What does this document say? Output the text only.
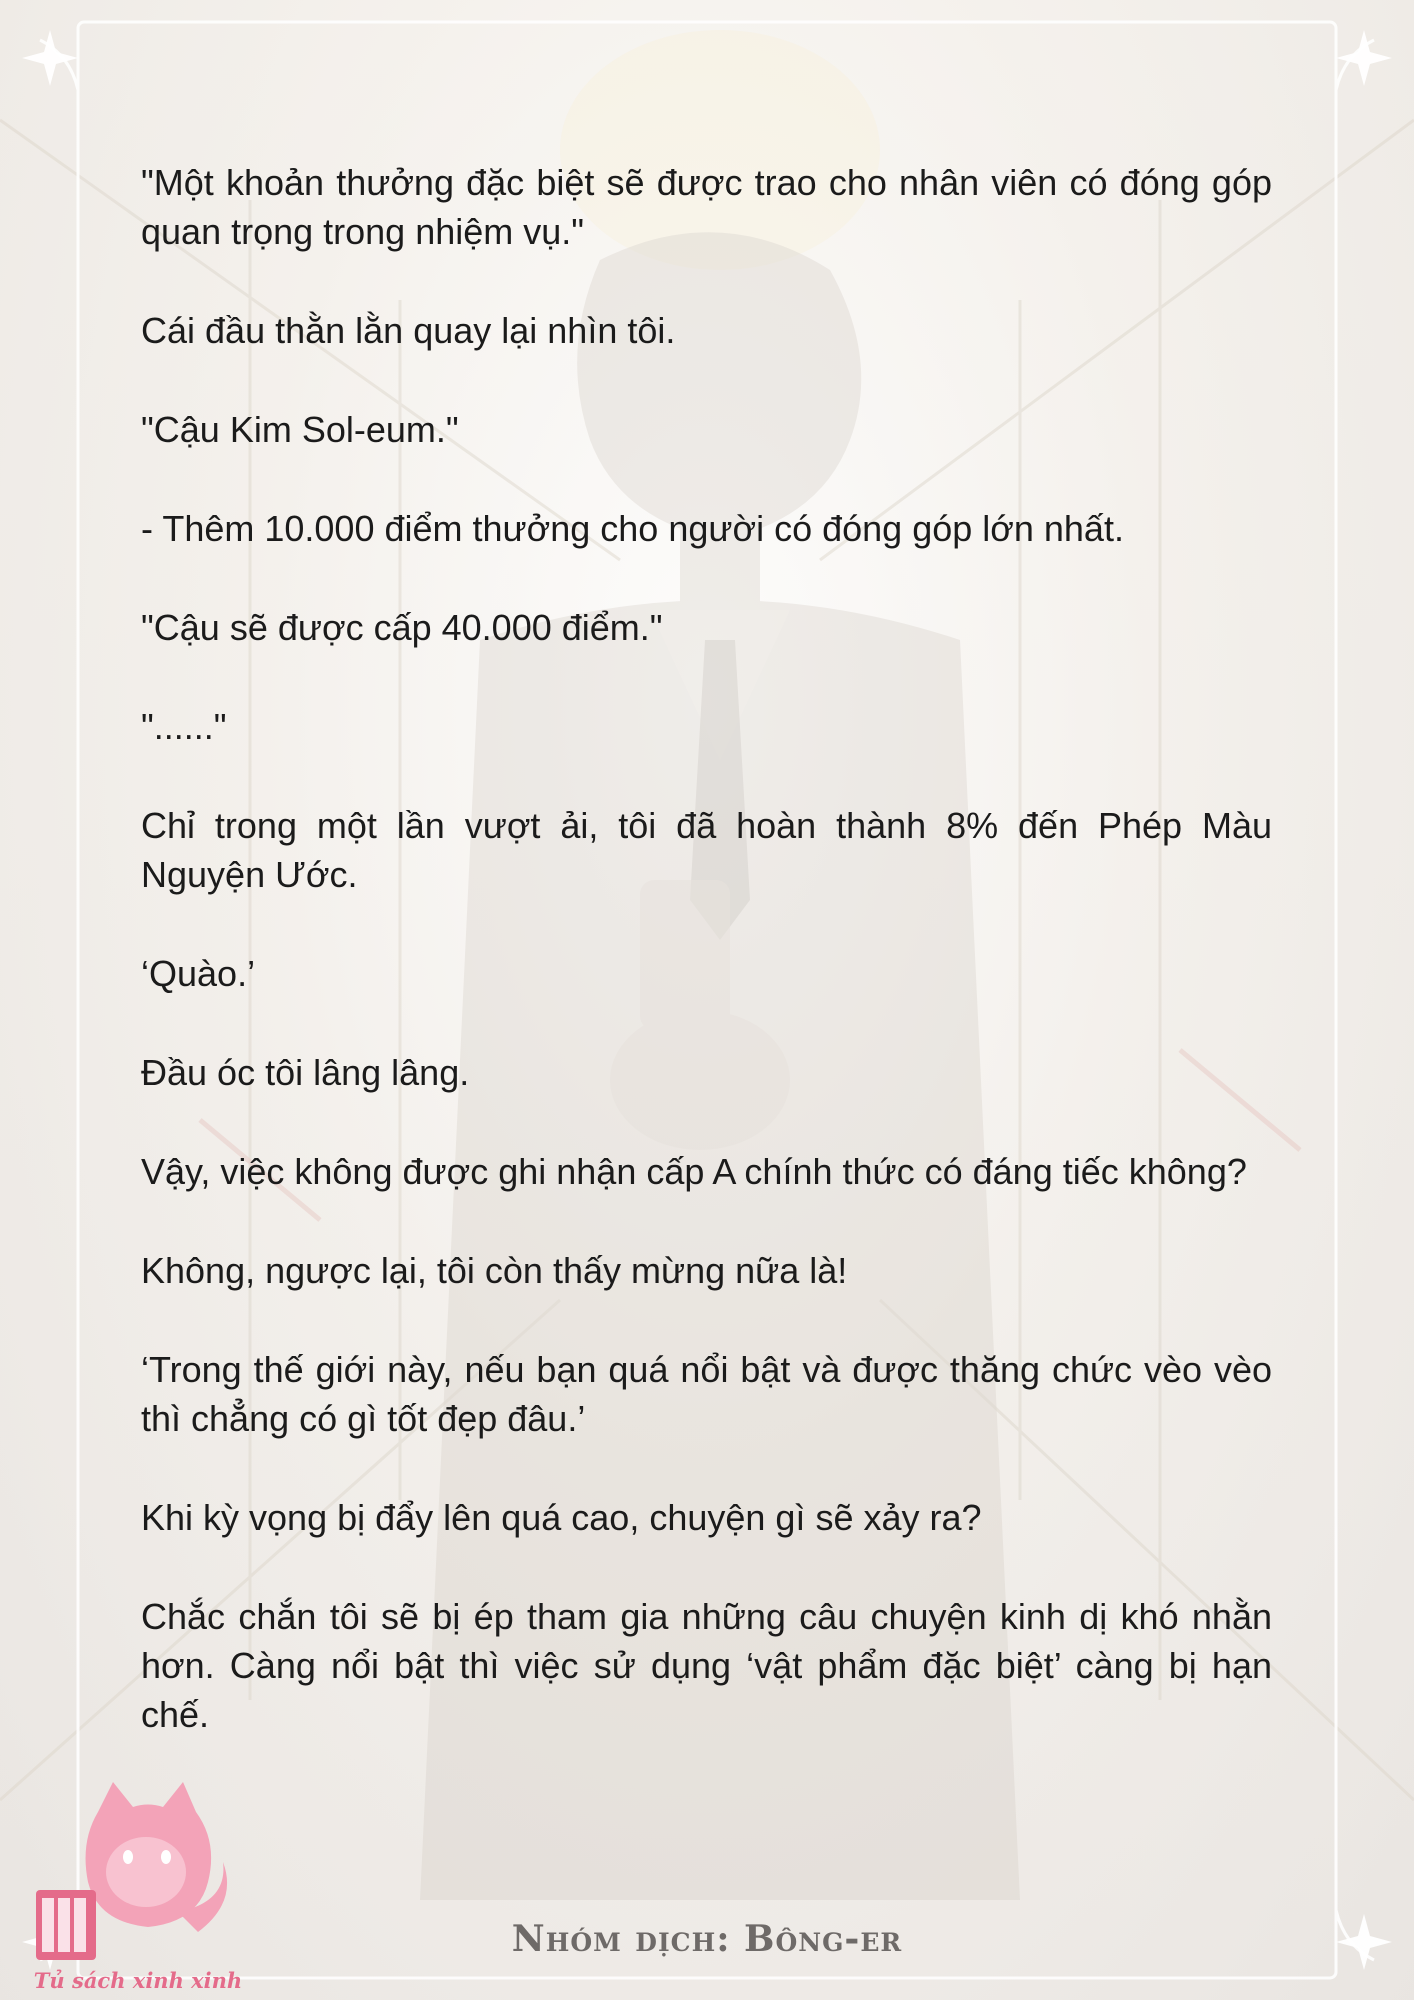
"Một khoản thưởng đặc biệt sẽ được trao cho nhân viên có đóng góp quan trọng trong nhiệm vụ."

Cái đầu thằn lằn quay lại nhìn tôi.

"Cậu Kim Sol-eum."

- Thêm 10.000 điểm thưởng cho người có đóng góp lớn nhất.

"Cậu sẽ được cấp 40.000 điểm."

"......"

Chỉ trong một lần vượt ải, tôi đã hoàn thành 8% đến Phép Màu Nguyện Ước.

‘Quào.’

Đầu óc tôi lâng lâng.

Vậy, việc không được ghi nhận cấp A chính thức có đáng tiếc không?

Không, ngược lại, tôi còn thấy mừng nữa là!

‘Trong thế giới này, nếu bạn quá nổi bật và được thăng chức vèo vèo thì chẳng có gì tốt đẹp đâu.’

Khi kỳ vọng bị đẩy lên quá cao, chuyện gì sẽ xảy ra?

Chắc chắn tôi sẽ bị ép tham gia những câu chuyện kinh dị khó nhằn hơn. Càng nổi bật thì việc sử dụng ‘vật phẩm đặc biệt’ càng bị hạn chế.

Tủ sách xinh xinh
Nhóm dịch: Bông-er
